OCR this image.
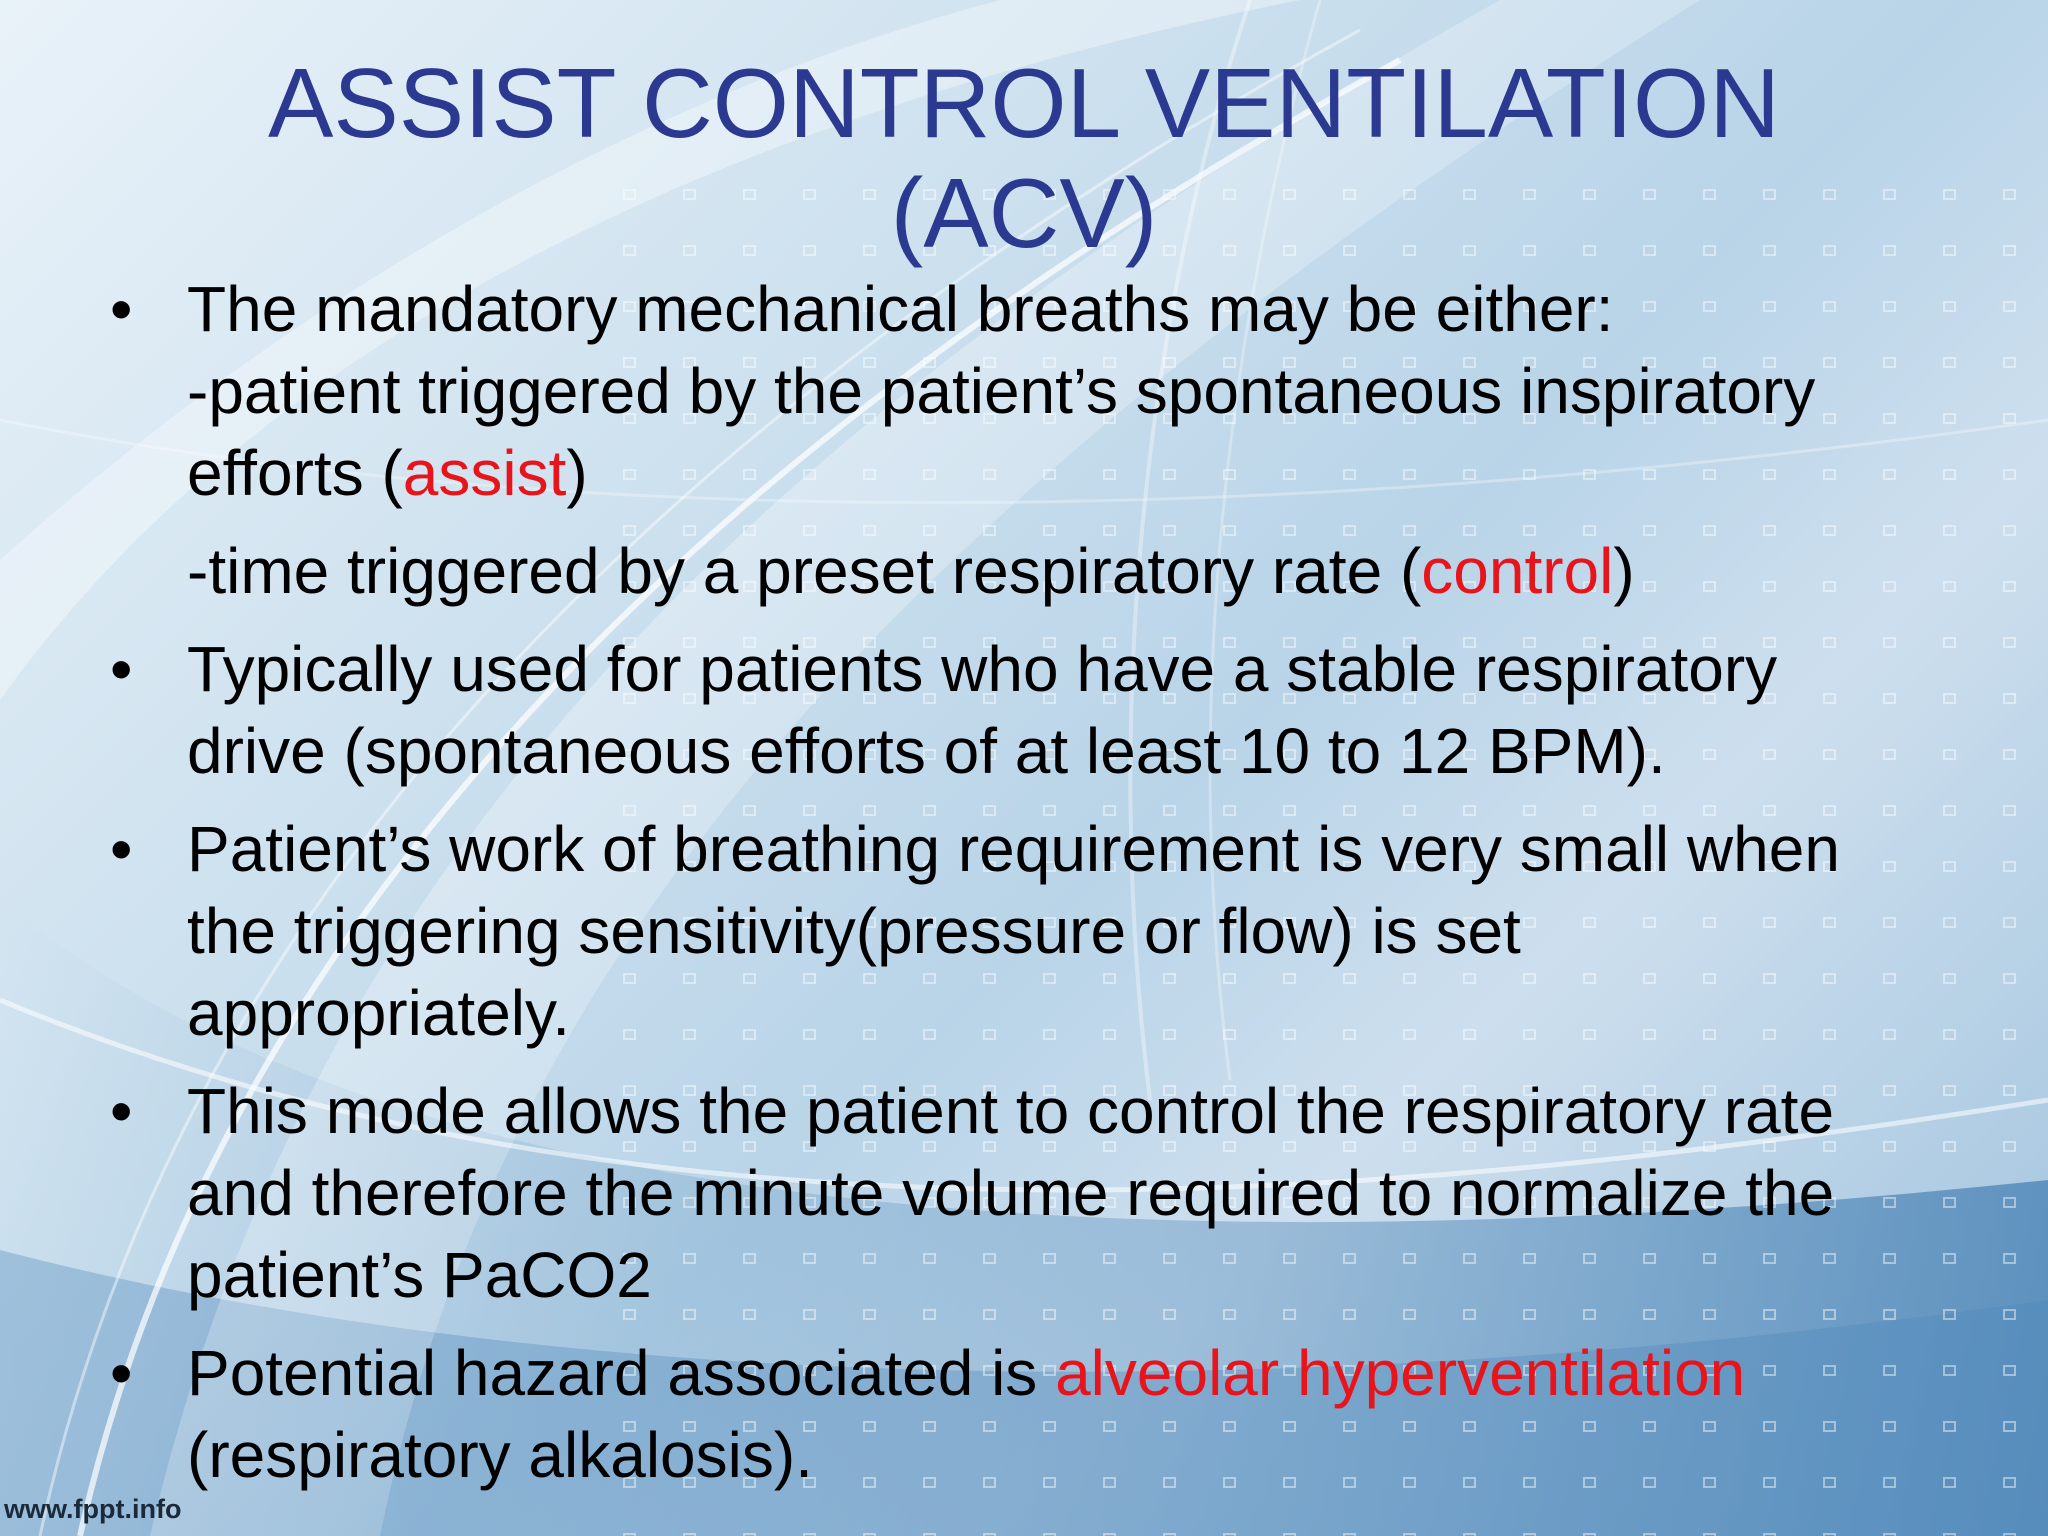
ASSIST CONTROL VENTILATION
(ACV)
• The mandatory mechanical breaths may be either:
-patient triggered by the patient’s spontaneous inspiratory
efforts (assist)
-time triggered by a preset respiratory rate (control)
• Typically used for patients who have a stable respiratory
drive (spontaneous efforts of at least 10 to 12 BPM).
• Patient’s work of breathing requirement is very small when
the triggering sensitivity(pressure or flow) is set
appropriately.
• This mode allows the patient to control the respiratory rate
and therefore the minute volume required to normalize the
patient’s PaCO2
• Potential hazard associated is alveolar hyperventilation
(respiratory alkalosis).
www.fppt.info
